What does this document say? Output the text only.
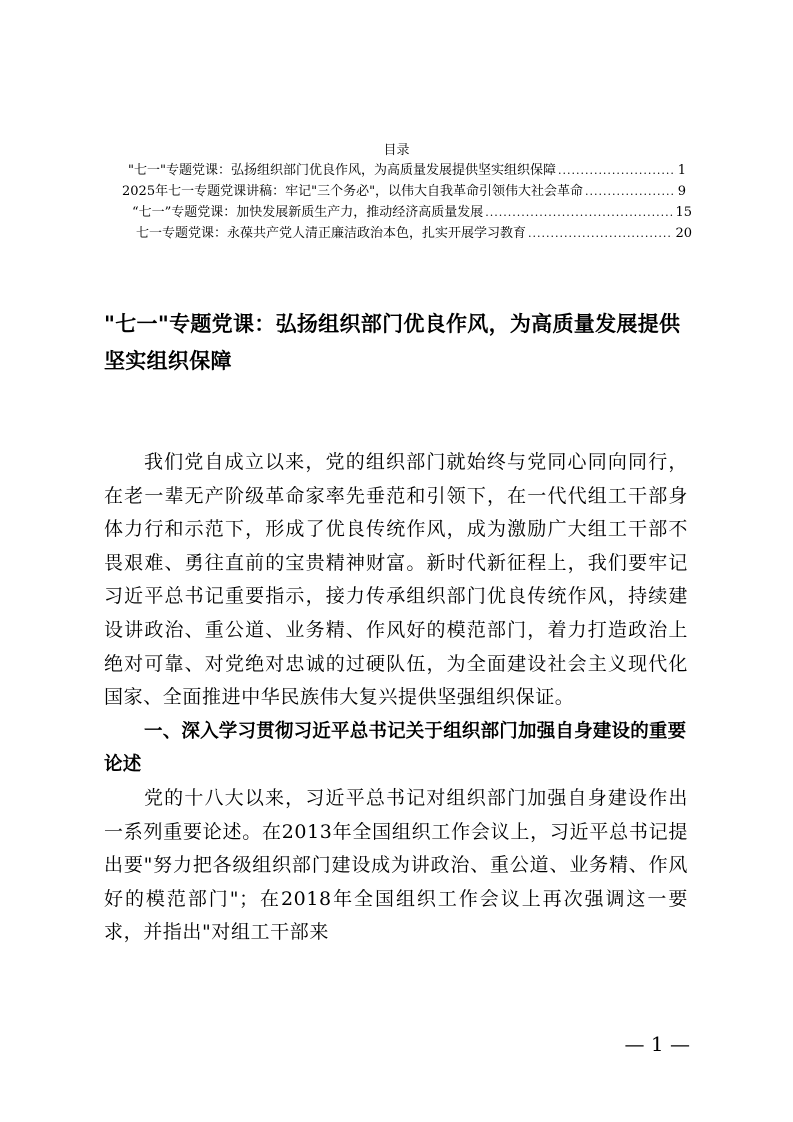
目录
"七一"专题党课：弘扬组织部门优良作风，为高质量发展提供坚实组织保障 .....	1
2025年七一专题党课讲稿：牢记"三个务必"，以伟大自我革命引领伟大社会革命 .....	9
“七一”专题党课：加快发展新质生产力，推动经济高质量发展 .....	15
七一专题党课：永葆共产党人清正廉洁政治本色，扎实开展学习教育 .....	20
"七一"专题党课：弘扬组织部门优良作风，为高质量发展提供坚实组织保障

我们党自成立以来，党的组织部门就始终与党同心同向同行，在老一辈无产阶级革命家率先垂范和引领下，在一代代组工干部身体力行和示范下，形成了优良传统作风，成为激励广大组工干部不畏艰难、勇往直前的宝贵精神财富。新时代新征程上，我们要牢记习近平总书记重要指示，接力传承组织部门优良传统作风，持续建设讲政治、重公道、业务精、作风好的模范部门，着力打造政治上绝对可靠、对党绝对忠诚的过硬队伍，为全面建设社会主义现代化国家、全面推进中华民族伟大复兴提供坚强组织保证。

一、深入学习贯彻习近平总书记关于组织部门加强自身建设的重要论述

党的十八大以来，习近平总书记对组织部门加强自身建设作出一系列重要论述。在2013年全国组织工作会议上，习近平总书记提出要"努力把各级组织部门建设成为讲政治、重公道、业务精、作风好的模范部门"；在2018年全国组织工作会议上再次强调这一要求，并指出"对组工干部来

— 1 —
